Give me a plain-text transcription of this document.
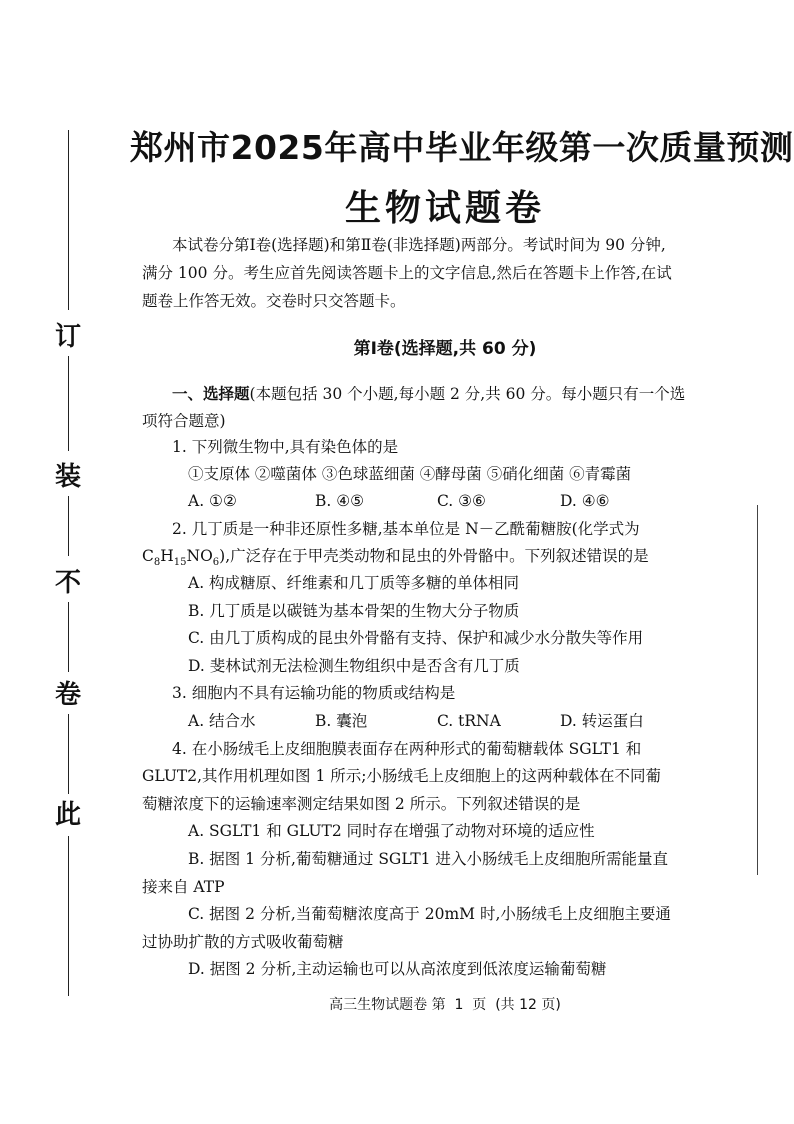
订
装
不
卷
此
郑州市2025年高中毕业年级第一次质量预测
生物试题卷
本试卷分第Ⅰ卷(选择题)和第Ⅱ卷(非选择题)两部分。考试时间为 90 分钟,
满分 100 分。考生应首先阅读答题卡上的文字信息,然后在答题卡上作答,在试
题卷上作答无效。交卷时只交答题卡。
第Ⅰ卷(选择题,共 60 分)
一、选择题(本题包括 30 个小题,每小题 2 分,共 60 分。每小题只有一个选
项符合题意)
1. 下列微生物中,具有染色体的是
①支原体 ②噬菌体 ③色球蓝细菌 ④酵母菌 ⑤硝化细菌 ⑥青霉菌
A. ①②	B. ④⑤	C. ③⑥	D. ④⑥
2. 几丁质是一种非还原性多糖,基本单位是 N－乙酰葡糖胺(化学式为
$C_8H_{15}NO_6$),广泛存在于甲壳类动物和昆虫的外骨骼中。下列叙述错误的是
A. 构成糖原、纤维素和几丁质等多糖的单体相同
B. 几丁质是以碳链为基本骨架的生物大分子物质
C. 由几丁质构成的昆虫外骨骼有支持、保护和减少水分散失等作用
D. 斐林试剂无法检测生物组织中是否含有几丁质
3. 细胞内不具有运输功能的物质或结构是
A. 结合水	B. 囊泡	C. tRNA	D. 转运蛋白
4. 在小肠绒毛上皮细胞膜表面存在两种形式的葡萄糖载体 SGLT1 和
GLUT2,其作用机理如图 1 所示;小肠绒毛上皮细胞上的这两种载体在不同葡
萄糖浓度下的运输速率测定结果如图 2 所示。下列叙述错误的是
A. SGLT1 和 GLUT2 同时存在增强了动物对环境的适应性
B. 据图 1 分析,葡萄糖通过 SGLT1 进入小肠绒毛上皮细胞所需能量直
接来自 ATP
C. 据图 2 分析,当葡萄糖浓度高于 20mM 时,小肠绒毛上皮细胞主要通
过协助扩散的方式吸收葡萄糖
D. 据图 2 分析,主动运输也可以从高浓度到低浓度运输葡萄糖
高三生物试题卷 第  1  页  (共 12 页)
